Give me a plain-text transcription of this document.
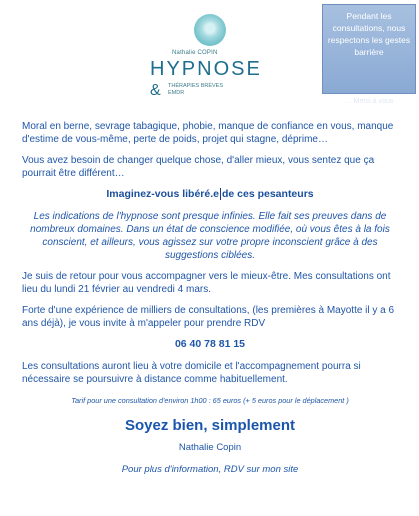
Nathalie COPIN
HYPNOSE
& THÉRAPIES BRÈVES
EMDR
Pendant les consultations, nous respectons les gestes barrière
… Merci à vous

Moral en berne, sevrage tabagique, phobie, manque de confiance en vous, manque d'estime de vous-même, perte de poids, projet qui stagne, déprime…

Vous avez besoin de changer quelque chose, d'aller mieux, vous sentez que ça pourrait être différent…

Imaginez-vous libéré.e de ces pesanteurs

Les indications de l'hypnose sont presque infinies. Elle fait ses preuves dans de nombreux domaines. Dans un état de conscience modifiée, où vous êtes à la fois conscient, et ailleurs, vous agissez sur votre propre inconscient grâce à des suggestions ciblées.

Je suis de retour pour vous accompagner vers le mieux-être. Mes consultations ont lieu du lundi 21 février au vendredi 4 mars.

Forte d'une expérience de milliers de consultations, (les premières à Mayotte il y a 6 ans déjà), je vous invite à m'appeler pour prendre RDV

06 40 78 81 15

Les consultations auront lieu à votre domicile et l'accompagnement pourra si nécessaire se poursuivre à distance comme habituellement.

Tarif pour une consultation d'environ 1h00 : 65 euros (+ 5 euros pour le déplacement )

Soyez bien, simplement

Nathalie Copin

Pour plus d'information, RDV sur mon site
